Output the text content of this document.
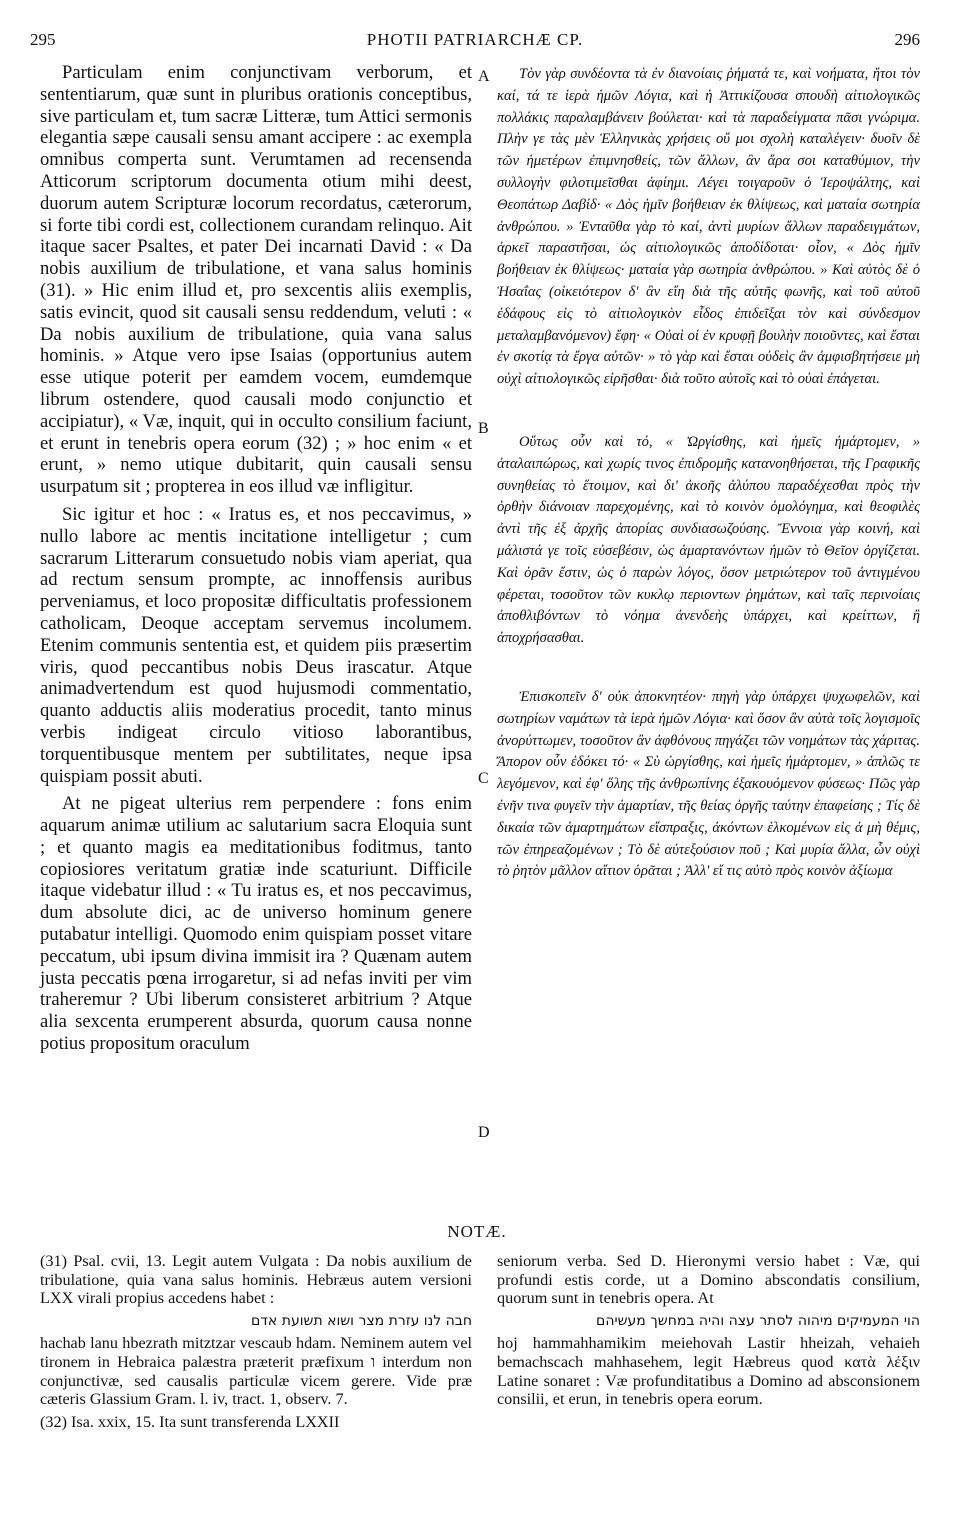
295	PHOTII PATRIARCHÆ CP.	296

Particulam enim conjunctivam verborum, et sententiarum, quæ sunt in pluribus orationis conceptibus, sive particulam et, tum sacræ Litteræ, tum Attici sermonis elegantia sæpe causali sensu amant accipere : ac exempla omnibus comperta sunt. Verumtamen ad recensenda Atticorum scriptorum documenta otium mihi deest, duorum autem Scripturæ locorum recordatus, cæterorum, si forte tibi cordi est, collectionem curandam relinquo. Ait itaque sacer Psaltes, et pater Dei incarnati David : « Da nobis auxilium de tribulatione, et vana salus hominis (31). » Hic enim illud et, pro sexcentis aliis exemplis, satis evincit, quod sit causali sensu reddendum, veluti : « Da nobis auxilium de tribulatione, quia vana salus hominis. » Atque vero ipse Isaias (opportunius autem esse utique poterit per eamdem vocem, eumdemque librum ostendere, quod causali modo conjunctio et accipiatur), « Væ, inquit, qui in occulto consilium faciunt, et erunt in tenebris opera eorum (32) ; » hoc enim « et erunt, » nemo utique dubitarit, quin causali sensu usurpatum sit ; propterea in eos illud væ infligitur.

Sic igitur et hoc : « Iratus es, et nos peccavimus, » nullo labore ac mentis incitatione intelligetur ; cum sacrarum Litterarum consuetudo nobis viam aperiat, qua ad rectum sensum prompte, ac innoffensis auribus perveniamus, et loco propositæ difficultatis professionem catholicam, Deoque acceptam servemus incolumem. Etenim communis sententia est, et quidem piis præsertim viris, quod peccantibus nobis Deus irascatur. Atque animadvertendum est quod hujusmodi commentatio, quanto adductis aliis moderatius procedit, tanto minus verbis indigeat circulo vitioso laborantibus, torquentibusque mentem per subtilitates, neque ipsa quispiam possit abuti.

At ne pigeat ulterius rem perpendere : fons enim aquarum animæ utilium ac salutarium sacra Eloquia sunt ; et quanto magis ea meditationibus foditmus, tanto copiosiores veritatum gratiæ inde scaturiunt. Difficile itaque videbatur illud : « Tu iratus es, et nos peccavimus, dum absolute dici, ac de universo hominum genere putabatur intelligi. Quomodo enim quispiam posset vitare peccatum, ubi ipsum divina immisit ira ? Quænam autem justa peccatis pœna irrogaretur, si ad nefas inviti per vim traheremur ? Ubi liberum consisteret arbitrium ? Atque alia sexcenta erumperent absurda, quorum causa nonne potius propositum oraculum

A
B
C
D

Τὸν γὰρ συνδέοντα τὰ ἐν διανοίαις ῥήματά τε, καὶ νοήματα, ἤτοι τὸν καί, τά τε ἱερὰ ἡμῶν Λόγια, καὶ ἡ Ἀττικίζουσα σπουδὴ αἰτιολογικῶς πολλάκις παραλαμβάνειν βούλεται· καὶ τὰ παραδείγματα πᾶσι γνώριμα. Πλὴν γε τὰς μὲν Ἑλληνικὰς χρήσεις οὔ μοι σχολὴ καταλέγειν· δυοῖν δὲ τῶν ἡμετέρων ἐπιμνησθείς, τῶν ἄλλων, ἂν ἄρα σοι καταθύμιον, τὴν συλλογὴν φιλοτιμεῖσθαι ἀφίημι. Λέγει τοιγαροῦν ὁ Ἱεροψάλτης, καὶ Θεοπάτωρ Δαβίδ· « Δὸς ἡμῖν βοήθειαν ἐκ θλίψεως, καὶ ματαία σωτηρία ἀνθρώπου. » Ἐνταῦθα γὰρ τὸ καί, ἀντὶ μυρίων ἄλλων παραδειγμάτων, ἀρκεῖ παραστῆσαι, ὡς αἰτιολογικῶς ἀποδίδοται· οἷον, « Δὸς ἡμῖν βοήθειαν ἐκ θλίψεως· ματαία γὰρ σωτηρία ἀνθρώπου. » Καὶ αὐτὸς δὲ ὁ Ἡσαΐας (οἰκειότερον δ' ἂν εἴη διὰ τῆς αὐτῆς φωνῆς, καὶ τοῦ αὐτοῦ ἐδάφους εἰς τὸ αἰτιολογικὸν εἶδος ἐπιδεῖξαι τὸν καὶ σύνδεσμον μεταλαμβανόμενον) ἔφη· « Οὐαὶ οἱ ἐν κρυφῇ βουλὴν ποιοῦντες, καὶ ἔσται ἐν σκοτίᾳ τὰ ἔργα αὐτῶν· » τὸ γὰρ καὶ ἔσται οὐδεὶς ἂν ἀμφισβητήσειε μὴ οὐχὶ αἰτιολογικῶς εἰρῆσθαι· διὰ τοῦτο αὐτοῖς καὶ τὸ οὐαὶ ἐπάγεται.

Οὕτως οὖν καὶ τό, « Ὠργίσθης, καὶ ἡμεῖς ἡμάρτομεν, » ἀταλαιπώρως, καὶ χωρίς τινος ἐπιδρομῆς κατανοηθήσεται, τῆς Γραφικῆς συνηθείας τὸ ἕτοιμον, καὶ δι' ἀκοῆς ἀλύπου παραδέχεσθαι πρὸς τὴν ὀρθὴν διάνοιαν παρεχομένης, καὶ τὸ κοινὸν ὁμολόγημα, καὶ θεοφιλὲς ἀντὶ τῆς ἐξ ἀρχῆς ἀπορίας συνδιασωζούσης. Ἔννοια γὰρ κοινή, καὶ μάλιστά γε τοῖς εὐσεβέσιν, ὡς ἁμαρτανόντων ἡμῶν τὸ Θεῖον ὀργίζεται. Καὶ ὁρᾶν ἔστιν, ὡς ὁ παρὼν λόγος, ὅσον μετριώτερον τοῦ ἀντιγμένου φέρεται, τοσοῦτον τῶν κυκλῳ περιοντων ῥημάτων, καὶ ταῖς περινοίαις ἀποθλιβόντων τὸ νόημα ἀνενδεὴς ὑπάρχει, καὶ κρείττων, ἢ ἀποχρήσασθαι.

Ἐπισκοπεῖν δ' οὐκ ἀποκνητέον· πηγὴ γὰρ ὑπάρχει ψυχωφελῶν, καὶ σωτηρίων ναμάτων τὰ ἱερὰ ἡμῶν Λόγια· καὶ ὅσον ἂν αὐτὰ τοῖς λογισμοῖς ἀνορύττωμεν, τοσοῦτον ἂν ἀφθόνους πηγάζει τῶν νοημάτων τὰς χάριτας. Ἄπορον οὖν ἐδόκει τό· « Σὺ ὠργίσθης, καὶ ἡμεῖς ἡμάρτομεν, » ἁπλῶς τε λεγόμενον, καὶ ἐφ' ὅλης τῆς ἀνθρωπίνης ἐξακουόμενον φύσεως· Πῶς γὰρ ἐνῆν τινα φυγεῖν τὴν ἁμαρτίαν, τῆς θείας ὀργῆς ταύτην ἐπαφείσης ; Τίς δὲ δικαία τῶν ἁμαρτημάτων εἴσπραξις, ἀκόντων ἑλκομένων εἰς ἀ μὴ θέμις, τῶν ἐπηρεαζομένων ; Τὸ δὲ αὐτεξούσιον ποῦ ; Καὶ μυρία ἄλλα, ὧν οὐχὶ τὸ ῥητὸν μᾶλλον αἴτιον ὁρᾶται ; Ἀλλ' εἴ τις αὐτὸ πρὸς κοινὸν ἀξίωμα

NOTÆ.

(31) Psal. cvii, 13. Legit autem Vulgata : Da nobis auxilium de tribulatione, quia vana salus hominis. Hebræus autem versioni LXX virali propius accedens habet :

חבה לנו עזרת מצר ושוא תשועת אדם

hachab lanu hbezrath mitztzar vescaub hdam. Neminem autem vel tironem in Hebraica palæstra præterit præfixum ו interdum non conjunctivæ, sed causalis particulæ vicem gerere. Vide præ cæteris Glassium Gram. l. iv, tract. 1, observ. 7.

(32) Isa. xxix, 15. Ita sunt transferenda LXXII

seniorum verba. Sed D. Hieronymi versio habet : Væ, qui profundi estis corde, ut a Domino abscondatis consilium, quorum sunt in tenebris opera. At

הוי המעמיקים מיהוה לסתר עצה והיה במחשך מעשיהם

hoj hammahhamikim meiehovah Lastir hheizah, vehaieh bemachscach mahhasehem, legit Hæbreus quod κατὰ λέξιν Latine sonaret : Væ profunditatibus a Domino ad absconsionem consilii, et erun, in tenebris opera eorum.
